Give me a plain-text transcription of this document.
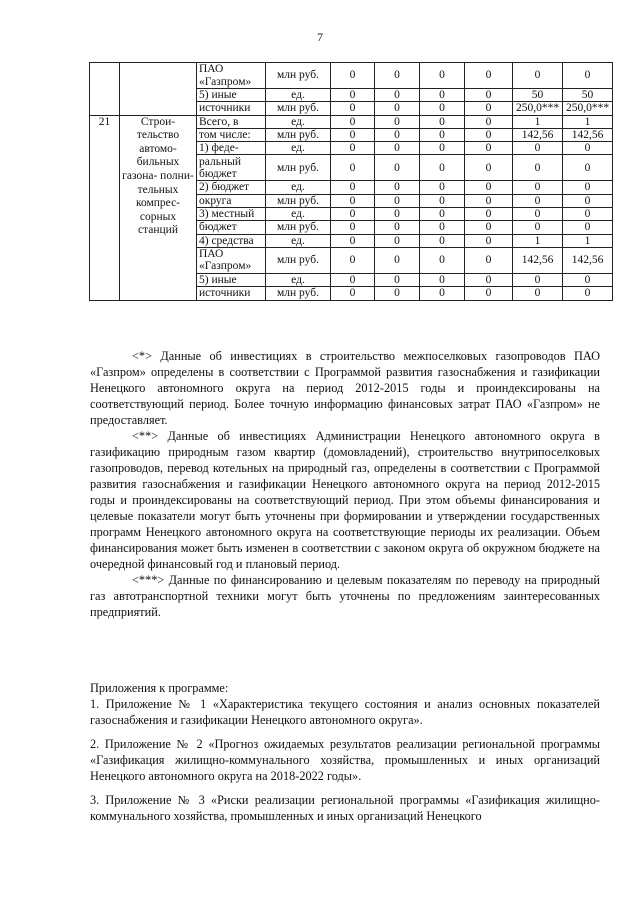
7
		ПАО «Газпром»	млн руб.	0	0	0	0	0	0
		5) иные	ед.	0	0	0	0	50	50
		источники	млн руб.	0	0	0	0	250,0***	250,0***
21	Строи- тельство автомо- бильных газона- полни- тельных компрес- сорных станций	Всего, в	ед.	0	0	0	0	1	1
		том числе:	млн руб.	0	0	0	0	142,56	142,56
		1) феде-	ед.	0	0	0	0	0	0
		ральный бюджет	млн руб.	0	0	0	0	0	0
		2) бюджет	ед.	0	0	0	0	0	0
		округа	млн руб.	0	0	0	0	0	0
		3) местный	ед.	0	0	0	0	0	0
		бюджет	млн руб.	0	0	0	0	0	0
		4) средства	ед.	0	0	0	0	1	1
		ПАО «Газпром»	млн руб.	0	0	0	0	142,56	142,56
		5) иные	ед.	0	0	0	0	0	0
		источники	млн руб.	0	0	0	0	0	0

<*> Данные об инвестициях в строительство межпоселковых газопроводов ПАО «Газпром» определены в соответствии с Программой развития газоснабжения и газификации Ненецкого автономного округа на период 2012-2015 годы и проиндексированы на соответствующий период. Более точную информацию финансовых затрат ПАО «Газпром» не предоставляет.

<**> Данные об инвестициях Администрации Ненецкого автономного округа в газификацию природным газом квартир (домовладений), строительство внутрипоселковых газопроводов, перевод котельных на природный газ, определены в соответствии с Программой развития газоснабжения и газификации Ненецкого автономного округа на период 2012-2015 годы и проиндексированы на соответствующий период. При этом объемы финансирования и целевые показатели могут быть уточнены при формировании и утверждении государственных программ Ненецкого автономного округа на соответствующие периоды их реализации. Объем финансирования может быть изменен в соответствии с законом округа об окружном бюджете на очередной финансовый год и плановый период.

<***> Данные по финансированию и целевым показателям по переводу на природный газ автотранспортной техники могут быть уточнены по предложениям заинтересованных предприятий.

Приложения к программе:

1. Приложение № 1 «Характеристика текущего состояния и анализ основных показателей газоснабжения и газификации Ненецкого автономного округа».

2. Приложение № 2 «Прогноз ожидаемых результатов реализации региональной программы «Газификация жилищно-коммунального хозяйства, промышленных и иных организаций Ненецкого автономного округа на 2018-2022 годы».

3. Приложение № 3 «Риски реализации региональной программы «Газификация жилищно-коммунального хозяйства, промышленных и иных организаций Ненецкого
